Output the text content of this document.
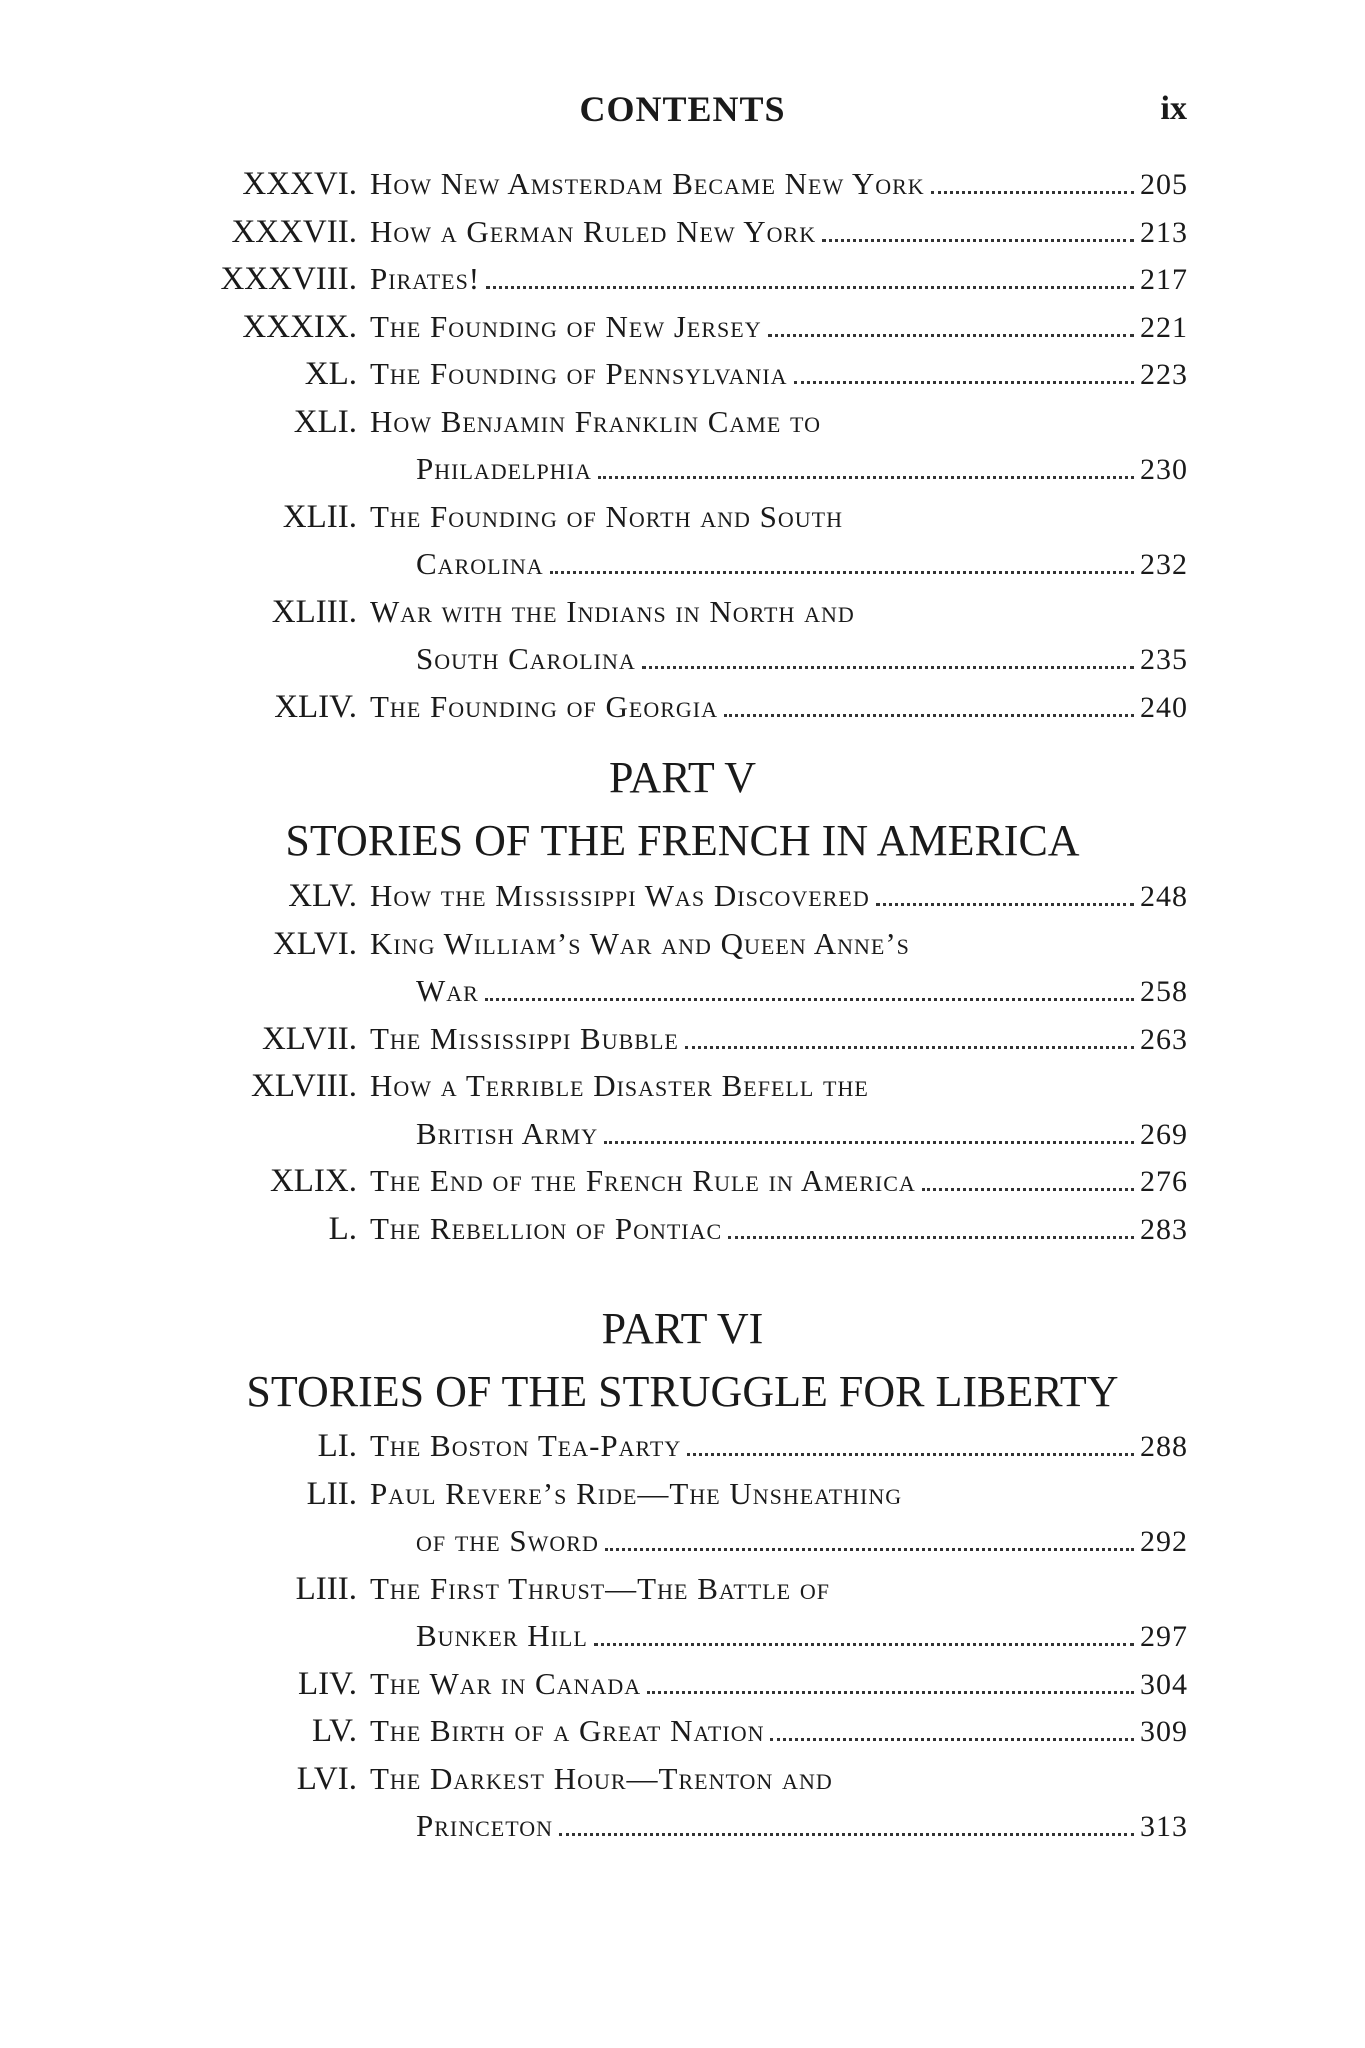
CONTENTS	ix
XXXVI. How New Amsterdam Became New York	205
XXXVII. How a German Ruled New York	213
XXXVIII. Pirates!	217
XXXIX. The Founding of New Jersey	221
XL. The Founding of Pennsylvania	223
XLI. How Benjamin Franklin Came to
Philadelphia	230
XLII. The Founding of North and South
Carolina	232
XLIII. War with the Indians in North and
South Carolina	235
XLIV. The Founding of Georgia	240
PART V
STORIES OF THE FRENCH IN AMERICA
XLV. How the Mississippi Was Discovered	248
XLVI. King William’s War and Queen Anne’s
War	258
XLVII. The Mississippi Bubble	263
XLVIII. How a Terrible Disaster Befell the
British Army	269
XLIX. The End of the French Rule in America	276
L. The Rebellion of Pontiac	283
PART VI
STORIES OF THE STRUGGLE FOR LIBERTY
LI. The Boston Tea-Party	288
LII. Paul Revere’s Ride—The Unsheathing
of the Sword	292
LIII. The First Thrust—The Battle of
Bunker Hill	297
LIV. The War in Canada	304
LV. The Birth of a Great Nation	309
LVI. The Darkest Hour—Trenton and
Princeton	313
